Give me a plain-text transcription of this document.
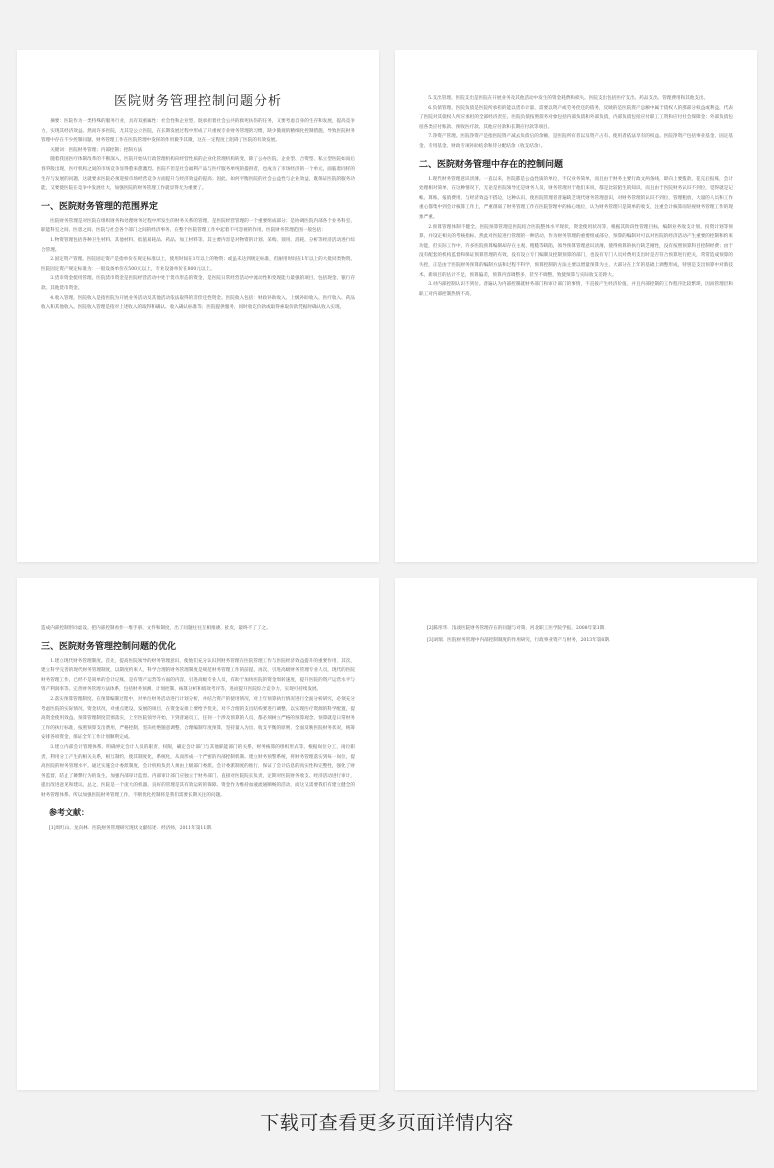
医院财务管理控制问题分析

摘要：医院作为一类特殊的服务行业，具有双重属性：社会性和企业型，既承担着社会公共的救死扶伤的任务，又要考虑自身的生存和发展，提高竞争力，实现其经济效益。然而许多医院，尤其是公立医院，在长期发展过程中形成了只重视专业财务管理的习惯，缺少微观的精细化控制措施，导致医院财务管理中存在不少控制问题，财务管理工作在医院管理中发挥的作用微乎其微，这在一定程度上阻碍了医院的有效发展。

关键词：医院财务管理；内部控制；控制方法

随着我国医疗体制改革的不断深入，医院开始从行政管理机构向经营性质的企业化管理机构转变，除了公办医院、企业型、合资型、私立型医院如雨后春笋般出现，医疗机构之间的市场竞争显得愈来愈激烈。医院不但是社会福利产品与医疗服务单纯的提供者，也成为了市场经济的一个单元，面临着同样的生存与发展的问题，这就要求医院必须迎接市场经营竞争方面提升与经济效益的提高；因此，如何平衡医院的社会公益性与企业效益，既保证医院的服务功能，又要使医院在竞争中发展壮大，加强医院的财务管理工作就显得尤为重要了。

一、医院财务管理的范围界定

医院财务管理是对医院在组织财务和处理财务过程中所发生的财务关系的管理，是医院经营管理的一个重要组成部分；是协调医院内部各个业务科室、职能科室之间、医患之间、医院与社会各个部门之间的经济事务，在整个医院管理工作中起着不可忽视的作用。医院财务管理范围一般包括：

1.物资管理包括各种卫生材料、其他材料、低值易耗品、药品、加工材料等。其主要内容是对物资的计划、采购、领用、消耗、分析等经济活动进行综合管理。

2.固定资产管理。医院固定资产是指单价在规定标准以上，使用时间在1年以上的物资；或虽未达到规定标准，但耐用时间在1年以上的大批同类物资。医院固定资产规定标准为：一般设备单价在500元以上，专业设备单价在800元以上。

3.货币资金使用管理。医院货币资金是医院经营活动中处于货币形态的资金，是医院日常经营活动中流动性和变现能力最强的项目，包括现金、银行存款、其他货币资金。

4.收入管理。医院收入是指医院为开展业务活动及其他活动依法取得的非偿还性资金。医院收入包括：财政补助收入、上级补助收入、医疗收入、药品收入和其他收入。医院收入管理是指对上述收入的取得和确认、收入确认标准等；医院提供服务，同时收讫价款或取得索取价款凭据时确认收入实现。

5.支出管理。医院支出是医院在开展业务及其他活动中发生的资金耗费和损失。医院支出包括医疗支出、药品支出、管理费用和其他支出。

6.负债管理。医院负债是医院所承担的能以货币计量、需要以资产或劳务偿还的债务，反映的是医院资产总额中属于债权人的那部分权益或利益，代表了医院对其债权人所应承担的全部经济责任。医院负债按照债务对象包括内部负债和外部负债，内部负债包括应付职工工资和应付社会保障金；外部负债包括各类应付账款、预收医疗款、其他应付款和长期应付款等项目。

7.净资产管理。医院净资产是指医院资产减去负债后的余额，是医院所有者以及资产占有、使用者依法享有的权益。医院净资产包括事业基金、固定基金、专用基金、财政专项补助结余和待分配结余（收支结余）。

二、医院财务管理中存在的控制问题

1.现代财务管理意识淡薄。一直以来，医院都是公益性质的单位，不仅业务简单，而且由于财务主要行政文两条线，即向上要拨款，花完后报账，会计处理相对简单，在这种情况下，无论是医院领导还是财务人员，财务管理对于他们来说，都是比较陌生的知识，而且由于医院财务认识不到位，觉得就是记帐、算账、报销费用，与经济效益不搭边，这种认识，使医院管理者普遍缺乏现代财务管理意识，对财务管理的认识不到位，管理粗放，大量的人员和工作重心都集中到会计核算工作上，严重削弱了财务管理工作在医院管理中的核心地位，认为财务管理只是简单的收支，注重会计核算而轻视财务管理工作的现象严重。

2.预算管理体制不健全。医院预算管理是医院结合医院整体水平现状，资金使用状况等，根据其阶段性管理目标，编制业务收支计划、投资计划等预算，并设定相关的考核指标，然此对医院进行管理的一种活动，作为财务管理的重要组成部分，预算的编制对可以对医院的经济活动产生重要的控制和约束功能，但实际工作中，许多医院预算编制却存在主观、粗糙等缺陷，领导预算管理意识淡薄，使得预算的执行缺乏刚性，没有按照预算科目控制经费；由于没有配套的机构监督和保证预算管理的有效，没有设立专门编制及控制预算的部门，也没有专门人员对费用支出时是否符合预算进行把关，常常造成预算的失控，正是由于医院财务预算的编制方法和过程不科学，预算控制的方法主要以增量预算为主，大部分在上年的基础上调整形成，特别是支出预算中对新技术、新项目的估计不足，预算偏差，预算内容调整多，甚至不调整，致使预算与实际收支差距大。

3.对内部控制认识不到位。普遍认为内部控制就财务部门和审计部门的事情，不直接产生经济价值，并且内部控制的工作程序比较繁琐，因而管理层和职工对内部控制热情不高，

造成内部控制形同虚设。把内部控制看作一堆手册、文件和制度，出了问题往往互相推诿、扯皮，最终不了了之。

三、医院财务管理控制问题的优化

1.建立现代财务管理制度。首先，提高医院领导的财务管理意识，使他们充分认识到财务管理在医院管理工作与医院经济效益提升的重要作用，其次，建立科学完善的现代财务管理制度，以制度约束人，科学合理的财务管理制度是规范财务管理工作的前提。再次，引进高级财务管理专业人员，现代的医院财务管理工作，已经不是简单的会计记账，是有资产运营等方面的内容，引进高级专业人员，有助于加快医院的资金周转速度，提升医院的资产运营水平与资产利润率等。完善财务管理方法体系，包括财务预测、计划控制、核算分析和绩效考评等，进而提升医院综合竞争力，实现可持续发展。

2.落实预算管理制度。在预算编制过程中，对单位财务活动进行计划分析，并结合资产的使用情况，对上年预算执行情况进行全面分析研究，必须充分考虑医院的实际情况，资金状况，对重点建设、发展的项目，在资金安排上要给予优先，对不合理的支出结构要进行调整，以实现医疗资源的科学配置，提高资金使用效益。预算管理制度贯彻落实，上至医院领导开始，下到普通员工，任何一个涉及预算的人员，都必须树立严格的预算观念，预算就是日常财务工作的执行标准，按照预算支出费用，严格控制，坚决杜绝随意调整，合理编制年度预算，坚持量入为出、收支平衡的原则，全面反映医院财务状况，统筹安排各项资金，保证全年工作计划顺利完成。

3.建立内部会计管理体系。明确界定会计人员的职责、权限，确定会计部门与其他职能部门的关系，财务核算的组织形式等。根据岗位分工，岗位职责，利用分工产生的相关关系，相互制约，使其制度化，系统化，从而形成一个严密的内部控制机制。建立财务预警系统，将财务管理落实到每一岗位，提高医院的财务管理水平。通过实施会计委派制度，会计机构负责人须由上级部门委派。会计委派制度的推行，保证了会计信息的真实性和完整性，强化了财务监督，防止了舞弊行为的发生。加强内部审计监督。内部审计部门应独立于财务部门，直接对医院院长负责，定期对医院财务收支、经济活动进行审计，提出改进意见和建议。总之，医院是一个庞大的机器，良好的管理是其有效运转的保障。资金作为维持血液流通顺畅的活动，而这又需要我们有建立健全的财务管理体系。所以加强医院财务管理工作，不断优化控制将是我们需要长期关注的问题。

参考文献：

[1]周红山、龙向林．医院财务管理研究现状文献综述．经济师，2011年第11期．

[2]陈彤华．浅谈医院财务管理存在的问题与对策，河北职工医学院学报，2008年第1期．

[3]刘瑞．医院财务管理中内部控制制度的作用研究，行政事业资产与财务，2013年第6期．

下载可查看更多页面详情内容
